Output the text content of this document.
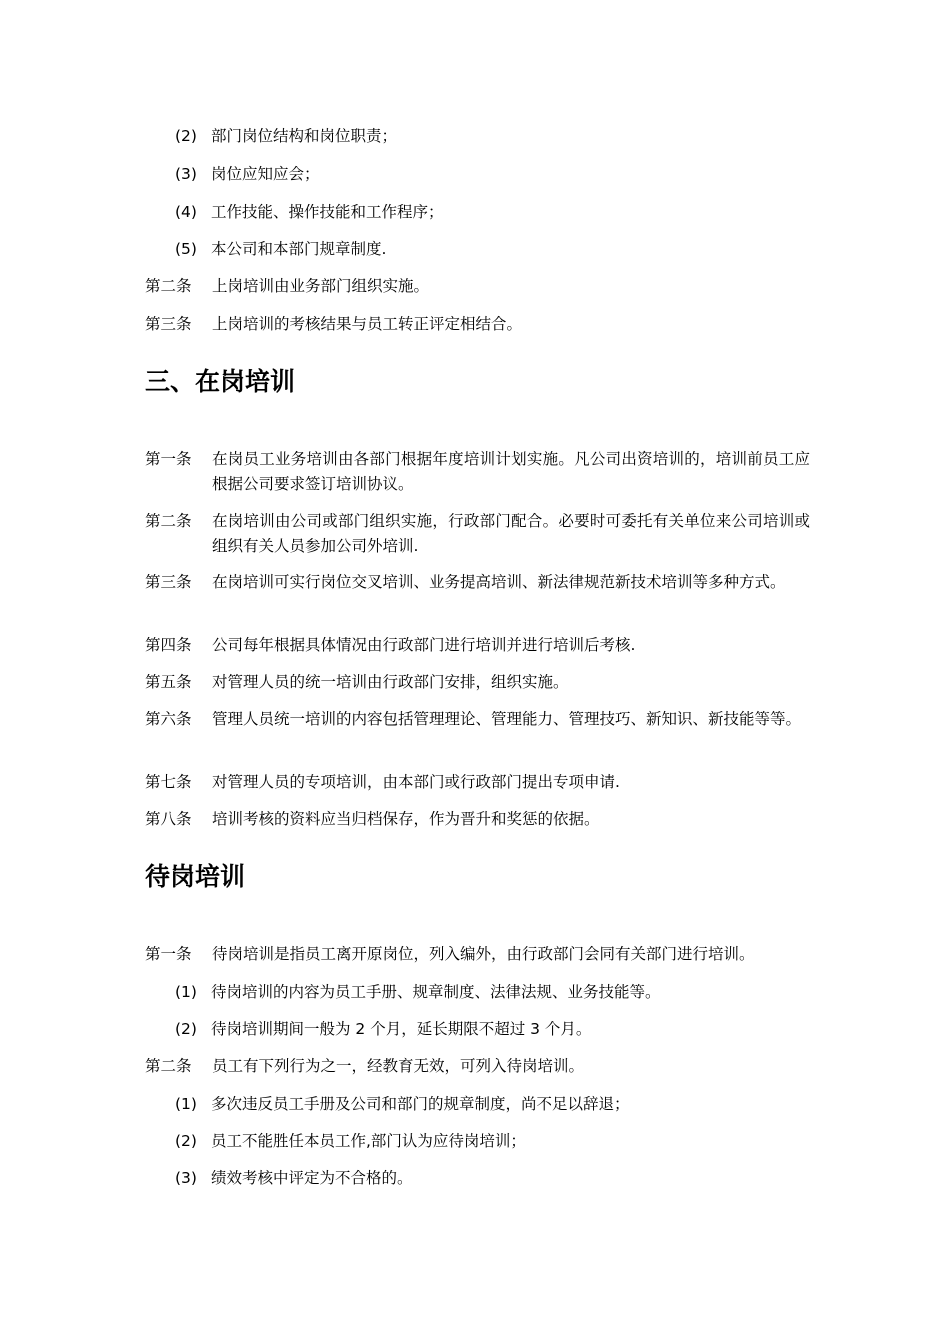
(2) 部门岗位结构和岗位职责；
(3) 岗位应知应会；
(4) 工作技能、操作技能和工作程序；
(5) 本公司和本部门规章制度.
第二条	上岗培训由业务部门组织实施。
第三条	上岗培训的考核结果与员工转正评定相结合。
三、在岗培训
第一条	在岗员工业务培训由各部门根据年度培训计划实施。凡公司出资培训的，培训前员工应根据公司要求签订培训协议。
第二条	在岗培训由公司或部门组织实施，行政部门配合。必要时可委托有关单位来公司培训或组织有关人员参加公司外培训.
第三条	在岗培训可实行岗位交叉培训、业务提高培训、新法律规范新技术培训等多种方式。
第四条	公司每年根据具体情况由行政部门进行培训并进行培训后考核.
第五条	对管理人员的统一培训由行政部门安排，组织实施。
第六条	管理人员统一培训的内容包括管理理论、管理能力、管理技巧、新知识、新技能等等。
第七条	对管理人员的专项培训，由本部门或行政部门提出专项申请.
第八条	培训考核的资料应当归档保存，作为晋升和奖惩的依据。
待岗培训
第一条	待岗培训是指员工离开原岗位，列入编外，由行政部门会同有关部门进行培训。
(1) 待岗培训的内容为员工手册、规章制度、法律法规、业务技能等。
(2) 待岗培训期间一般为 2 个月，延长期限不超过 3 个月。
第二条	员工有下列行为之一，经教育无效，可列入待岗培训。
(1) 多次违反员工手册及公司和部门的规章制度，尚不足以辞退；
(2) 员工不能胜任本员工作,部门认为应待岗培训；
(3) 绩效考核中评定为不合格的。
